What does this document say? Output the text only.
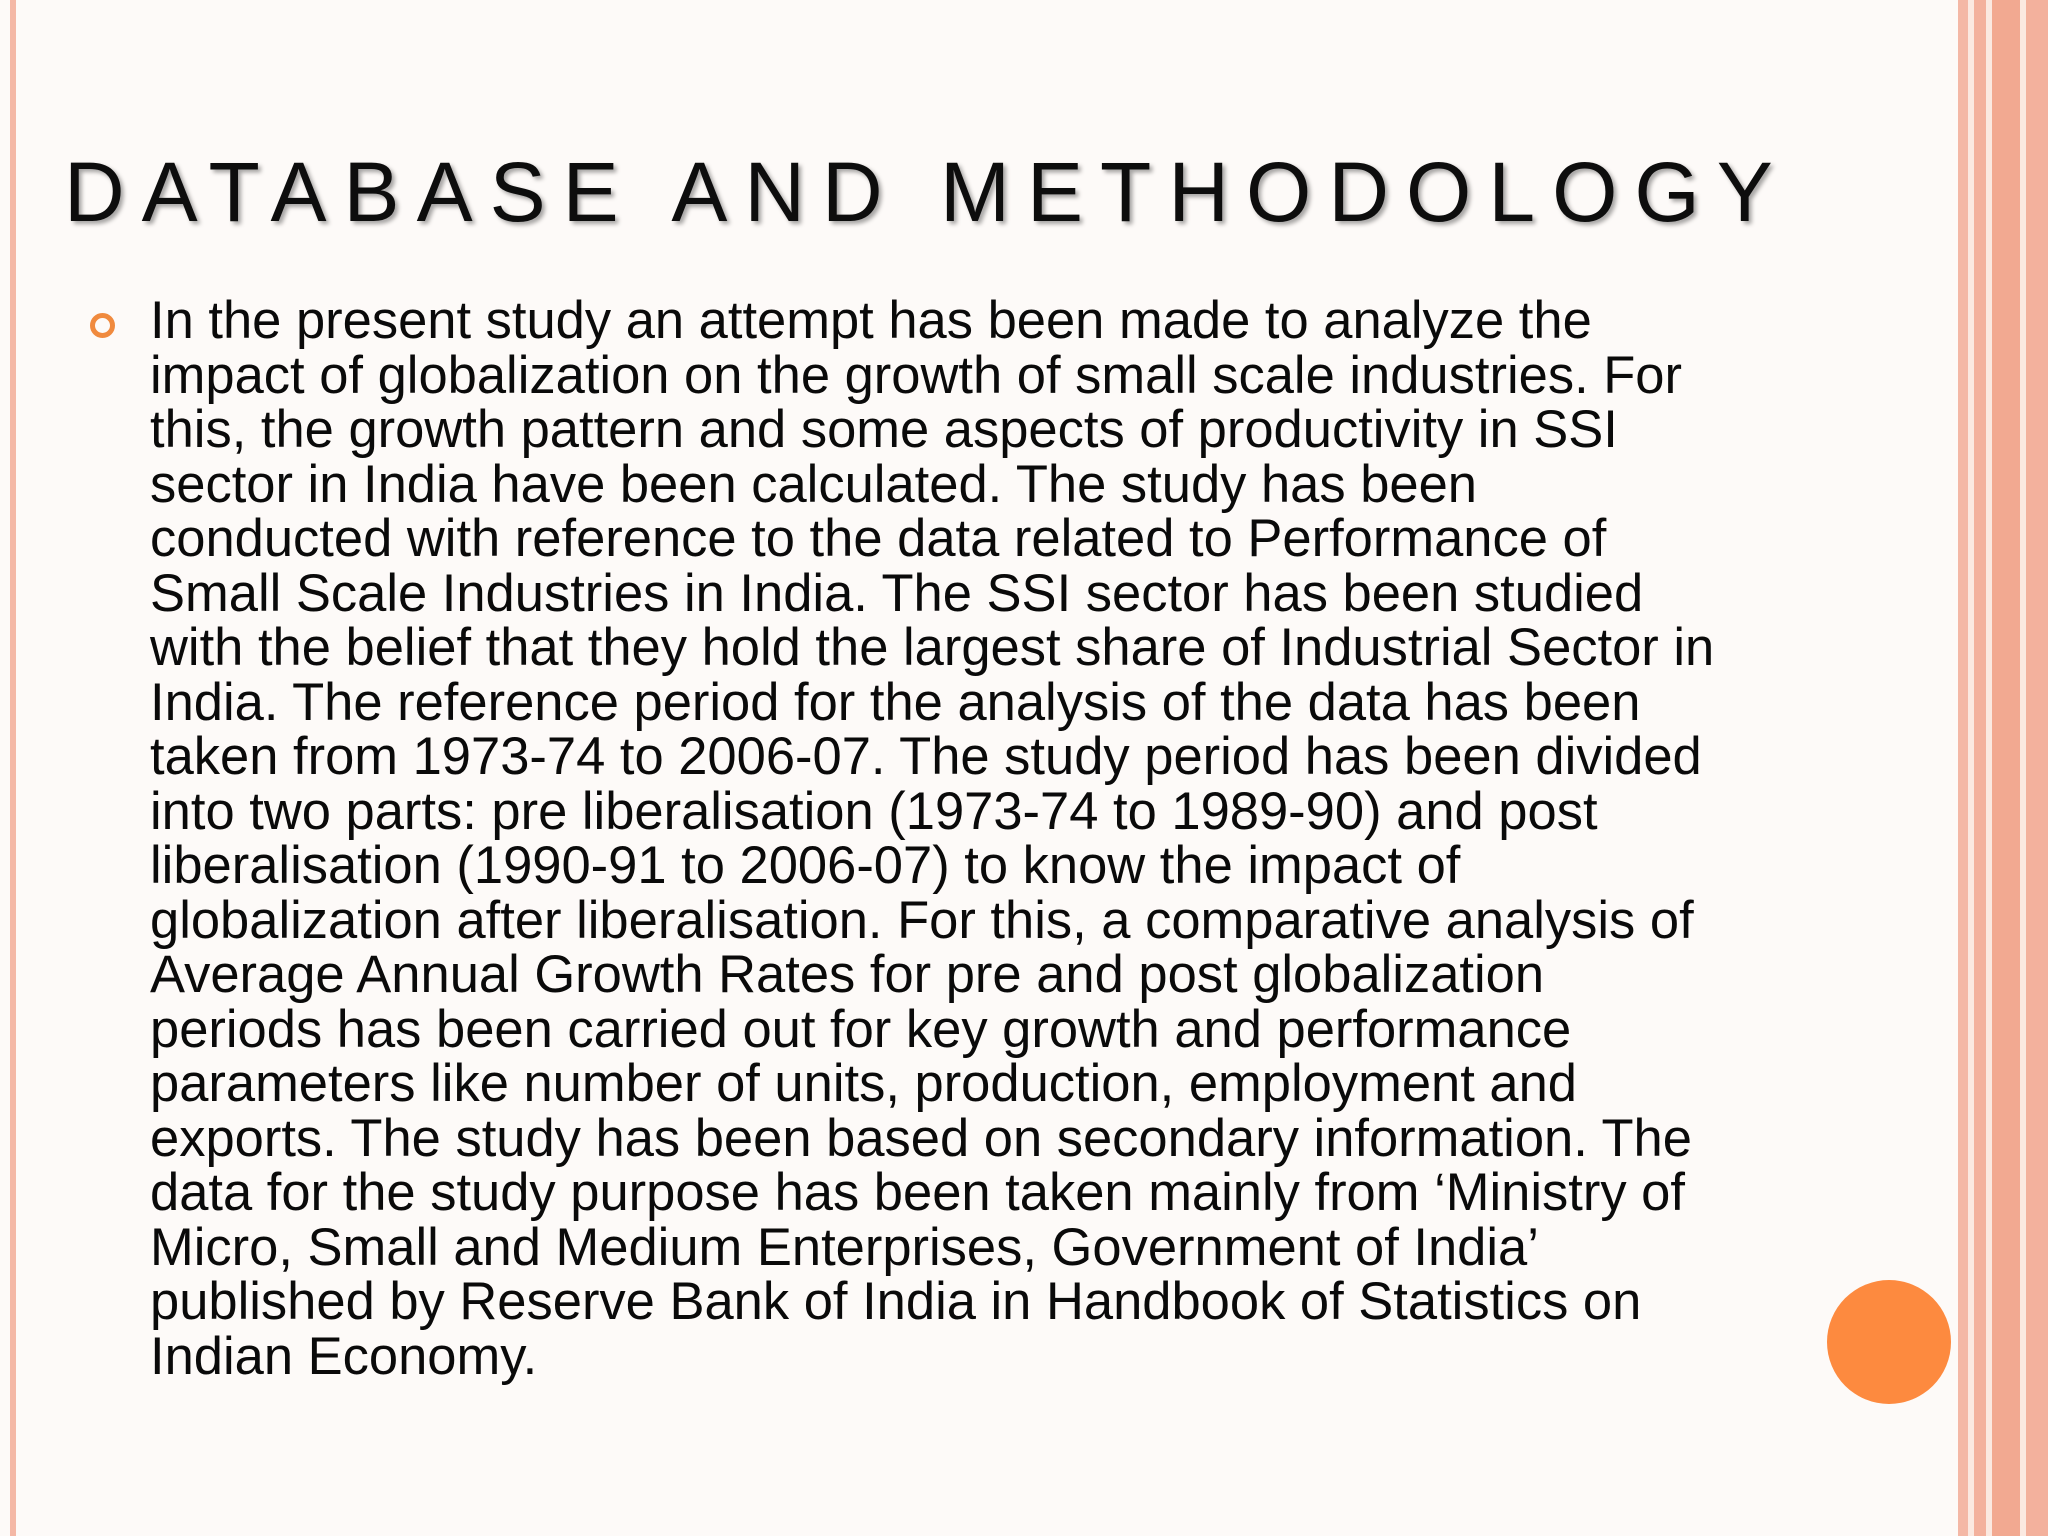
DATABASE AND METHODOLOGY
In the present study an attempt has been made to analyze the
impact of globalization on the growth of small scale industries. For
this, the growth pattern and some aspects of productivity in SSI
sector in India have been calculated. The study has been
conducted with reference to the data related to Performance of
Small Scale Industries in India. The SSI sector has been studied
with the belief that they hold the largest share of Industrial Sector in
India. The reference period for the analysis of the data has been
taken from 1973-74 to 2006-07. The study period has been divided
into two parts: pre liberalisation (1973-74 to 1989-90) and post
liberalisation (1990-91 to 2006-07) to know the impact of
globalization after liberalisation. For this, a comparative analysis of
Average Annual Growth Rates for pre and post globalization
periods has been carried out for key growth and performance
parameters like number of units, production, employment and
exports. The study has been based on secondary information. The
data for the study purpose has been taken mainly from ‘Ministry of
Micro, Small and Medium Enterprises, Government of India’
published by Reserve Bank of India in Handbook of Statistics on
Indian Economy.
